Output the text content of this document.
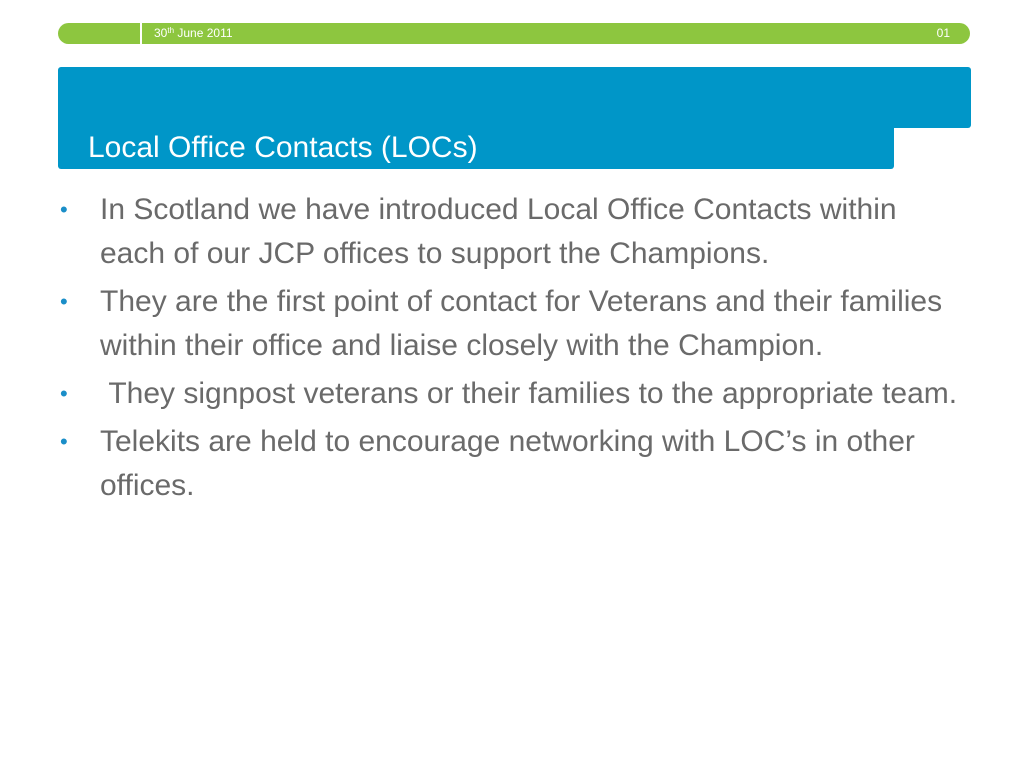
30th June 2011	01
Local Office Contacts (LOCs)
•	In Scotland we have introduced Local Office Contacts within each of our JCP offices to support the Champions.
•	They are the first point of contact for Veterans and their families within their office and liaise closely with the Champion.
•	They signpost veterans or their families to the appropriate team.
•	Telekits are held to encourage networking with LOC’s in other offices.
